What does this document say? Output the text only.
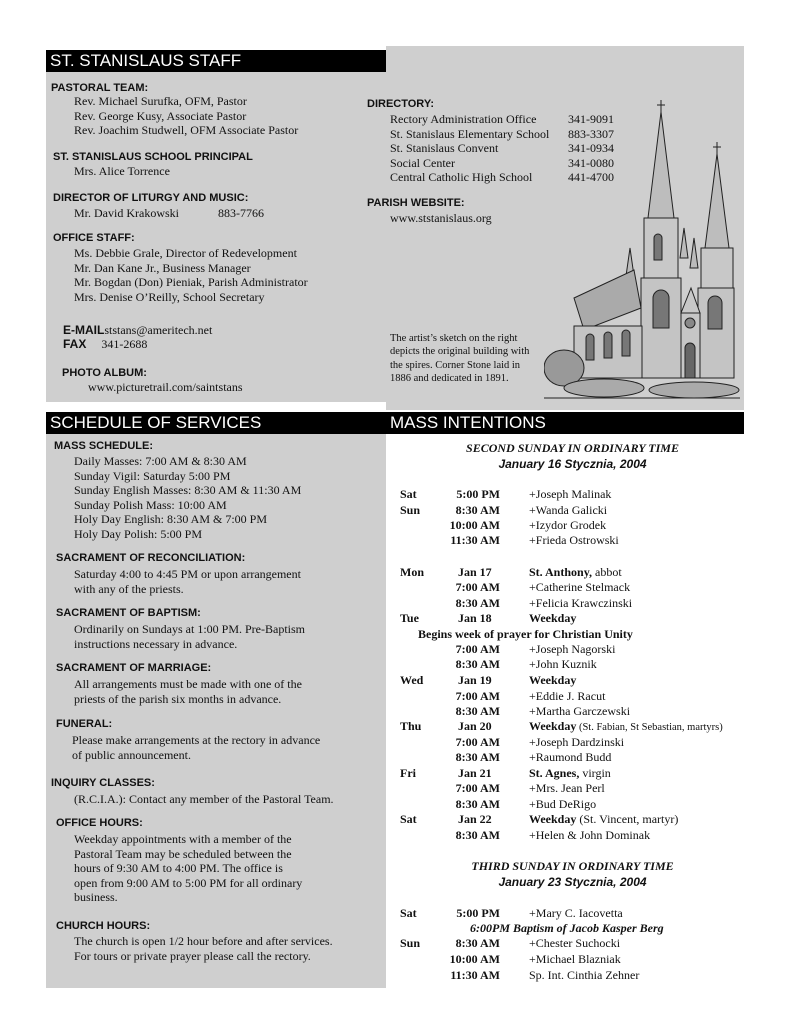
ST. STANISLAUS STAFF
PASTORAL TEAM:
Rev. Michael Surufka, OFM, Pastor
Rev. George Kusy, Associate Pastor
Rev. Joachim Studwell, OFM Associate Pastor
ST. STANISLAUS SCHOOL PRINCIPAL
Mrs. Alice Torrence
DIRECTOR OF LITURGY AND MUSIC:
Mr. David Krakowski	883-7766
OFFICE STAFF:
Ms. Debbie Grale, Director of Redevelopment
Mr. Dan Kane Jr., Business Manager
Mr. Bogdan (Don) Pieniak, Parish Administrator
Mrs. Denise O’Reilly, School Secretary
E-MAILststans@ameritech.net
FAX 341-2688
PHOTO ALBUM:
www.picturetrail.com/saintstans
DIRECTORY:
Rectory Administration Office	341-9091
St. Stanislaus Elementary School 883-3307
St. Stanislaus Convent	341-0934
Social Center	341-0080
Central Catholic High School	441-4700
PARISH WEBSITE:
www.ststanislaus.org
The artist’s sketch on the right depicts the original building with the spires. Corner Stone laid in 1886 and dedicated in 1891.
SCHEDULE OF SERVICES
MASS SCHEDULE:
Daily Masses: 7:00 AM & 8:30 AM
Sunday Vigil: Saturday 5:00 PM
Sunday English Masses: 8:30 AM & 11:30 AM
Sunday Polish Mass: 10:00 AM
Holy Day English: 8:30 AM & 7:00 PM
Holy Day Polish: 5:00 PM
SACRAMENT OF RECONCILIATION:
Saturday 4:00 to 4:45 PM or upon arrangement
with any of the priests.
SACRAMENT OF BAPTISM:
Ordinarily on Sundays at 1:00 PM. Pre-Baptism
instructions necessary in advance.
SACRAMENT OF MARRIAGE:
All arrangements must be made with one of the
priests of the parish six months in advance.
FUNERAL:
Please make arrangements at the rectory in advance
of public announcement.
INQUIRY CLASSES:
(R.C.I.A.): Contact any member of the Pastoral Team.
OFFICE HOURS:
Weekday appointments with a member of the
Pastoral Team may be scheduled between the
hours of 9:30 AM to 4:00 PM. The office is
open from 9:00 AM to 5:00 PM for all ordinary
business.
CHURCH HOURS:
The church is open 1/2 hour before and after services.
For tours or private prayer please call the rectory.
MASS INTENTIONS
SECOND SUNDAY IN ORDINARY TIME
January 16 Stycznia, 2004
Sat	5:00 PM +Joseph Malinak
Sun	8:30 AM +Wanda Galicki
10:00 AM +Izydor Grodek
11:30 AM +Frieda Ostrowski
Mon	Jan 17	St. Anthony, abbot
7:00 AM +Catherine Stelmack
8:30 AM +Felicia Krawczinski
Tue	Jan 18	Weekday
Begins week of prayer for Christian Unity
7:00 AM +Joseph Nagorski
8:30 AM +John Kuznik
Wed	Jan 19	Weekday
7:00 AM +Eddie J. Racut
8:30 AM +Martha Garczewski
Thu	Jan 20	Weekday (St. Fabian, St Sebastian, martyrs)
7:00 AM +Joseph Dardzinski
8:30 AM +Raumond Budd
Fri	Jan 21	St. Agnes, virgin
7:00 AM +Mrs. Jean Perl
8:30 AM +Bud DeRigo
Sat	Jan 22	Weekday (St. Vincent, martyr)
8:30 AM +Helen & John Dominak
THIRD SUNDAY IN ORDINARY TIME
January 23 Stycznia, 2004
Sat	5:00 PM +Mary C. Iacovetta
6:00PM Baptism of Jacob Kasper Berg
Sun	8:30 AM +Chester Suchocki
10:00 AM +Michael Blazniak
11:30 AM Sp. Int. Cinthia Zehner
